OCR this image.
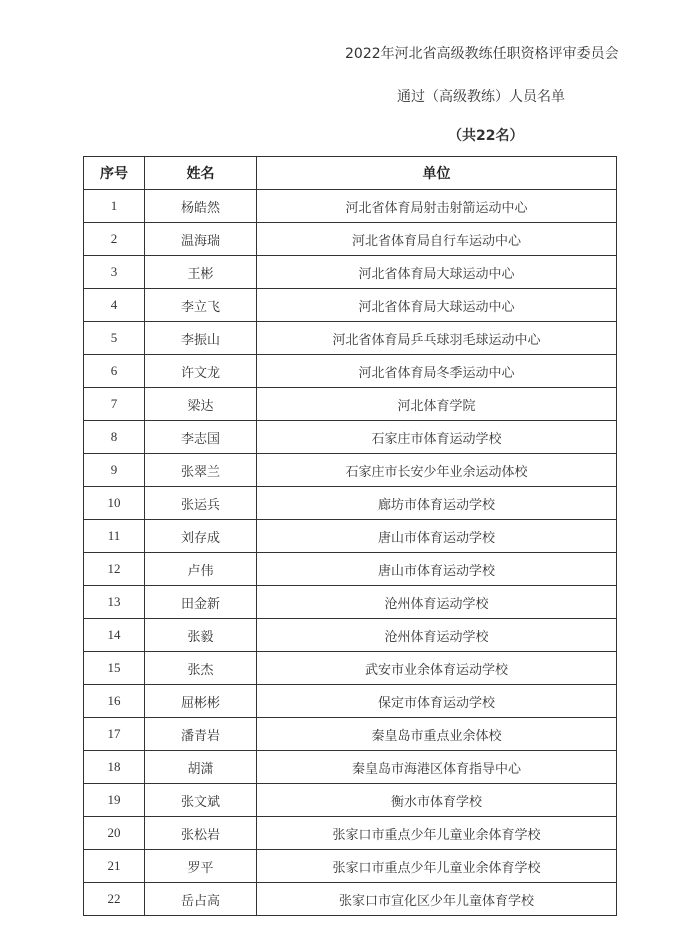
2022年河北省高级教练任职资格评审委员会
通过（高级教练）人员名单
（共22名）
序号	姓名	单位
1	杨皓然	河北省体育局射击射箭运动中心
2	温海瑞	河北省体育局自行车运动中心
3	王彬	河北省体育局大球运动中心
4	李立飞	河北省体育局大球运动中心
5	李振山	河北省体育局乒乓球羽毛球运动中心
6	许文龙	河北省体育局冬季运动中心
7	梁达	河北体育学院
8	李志国	石家庄市体育运动学校
9	张翠兰	石家庄市长安少年业余运动体校
10	张运兵	廊坊市体育运动学校
11	刘存成	唐山市体育运动学校
12	卢伟	唐山市体育运动学校
13	田金新	沧州体育运动学校
14	张毅	沧州体育运动学校
15	张杰	武安市业余体育运动学校
16	屈彬彬	保定市体育运动学校
17	潘青岩	秦皇岛市重点业余体校
18	胡潇	秦皇岛市海港区体育指导中心
19	张文斌	衡水市体育学校
20	张松岩	张家口市重点少年儿童业余体育学校
21	罗平	张家口市重点少年儿童业余体育学校
22	岳占高	张家口市宣化区少年儿童体育学校
